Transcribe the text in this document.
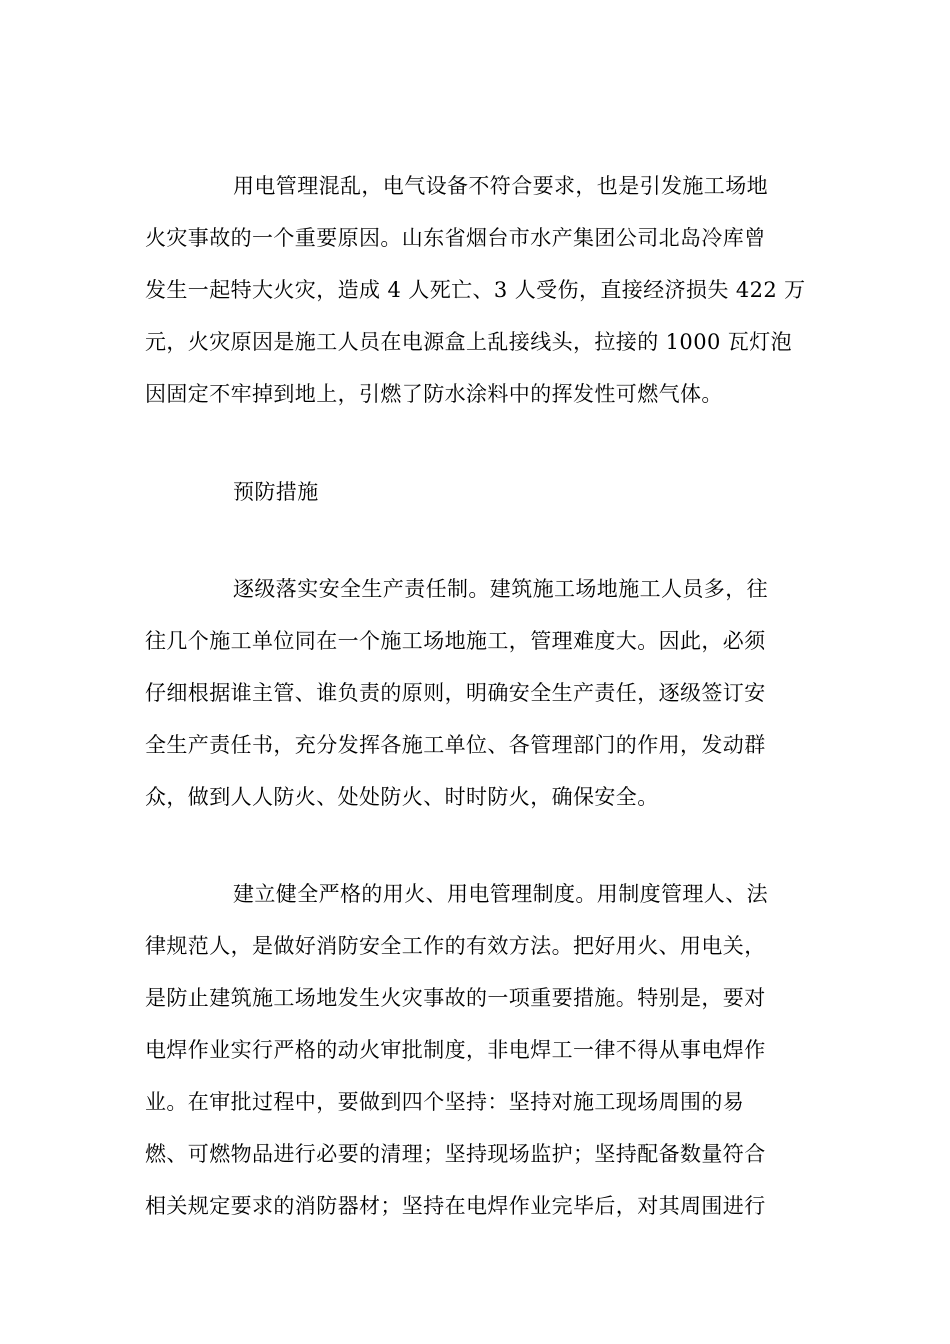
用电管理混乱，电气设备不符合要求，也是引发施工场地
火灾事故的一个重要原因。山东省烟台市水产集团公司北岛冷库曾
发生一起特大火灾，造成 4 人死亡、3 人受伤，直接经济损失 422 万
元，火灾原因是施工人员在电源盒上乱接线头，拉接的 1000 瓦灯泡
因固定不牢掉到地上，引燃了防水涂料中的挥发性可燃气体。
预防措施
逐级落实安全生产责任制。建筑施工场地施工人员多，往
往几个施工单位同在一个施工场地施工，管理难度大。因此，必须
仔细根据谁主管、谁负责的原则，明确安全生产责任，逐级签订安
全生产责任书，充分发挥各施工单位、各管理部门的作用，发动群
众，做到人人防火、处处防火、时时防火，确保安全。
建立健全严格的用火、用电管理制度。用制度管理人、法
律规范人，是做好消防安全工作的有效方法。把好用火、用电关，
是防止建筑施工场地发生火灾事故的一项重要措施。特别是，要对
电焊作业实行严格的动火审批制度，非电焊工一律不得从事电焊作
业。在审批过程中，要做到四个坚持：坚持对施工现场周围的易
燃、可燃物品进行必要的清理；坚持现场监护；坚持配备数量符合
相关规定要求的消防器材；坚持在电焊作业完毕后，对其周围进行
